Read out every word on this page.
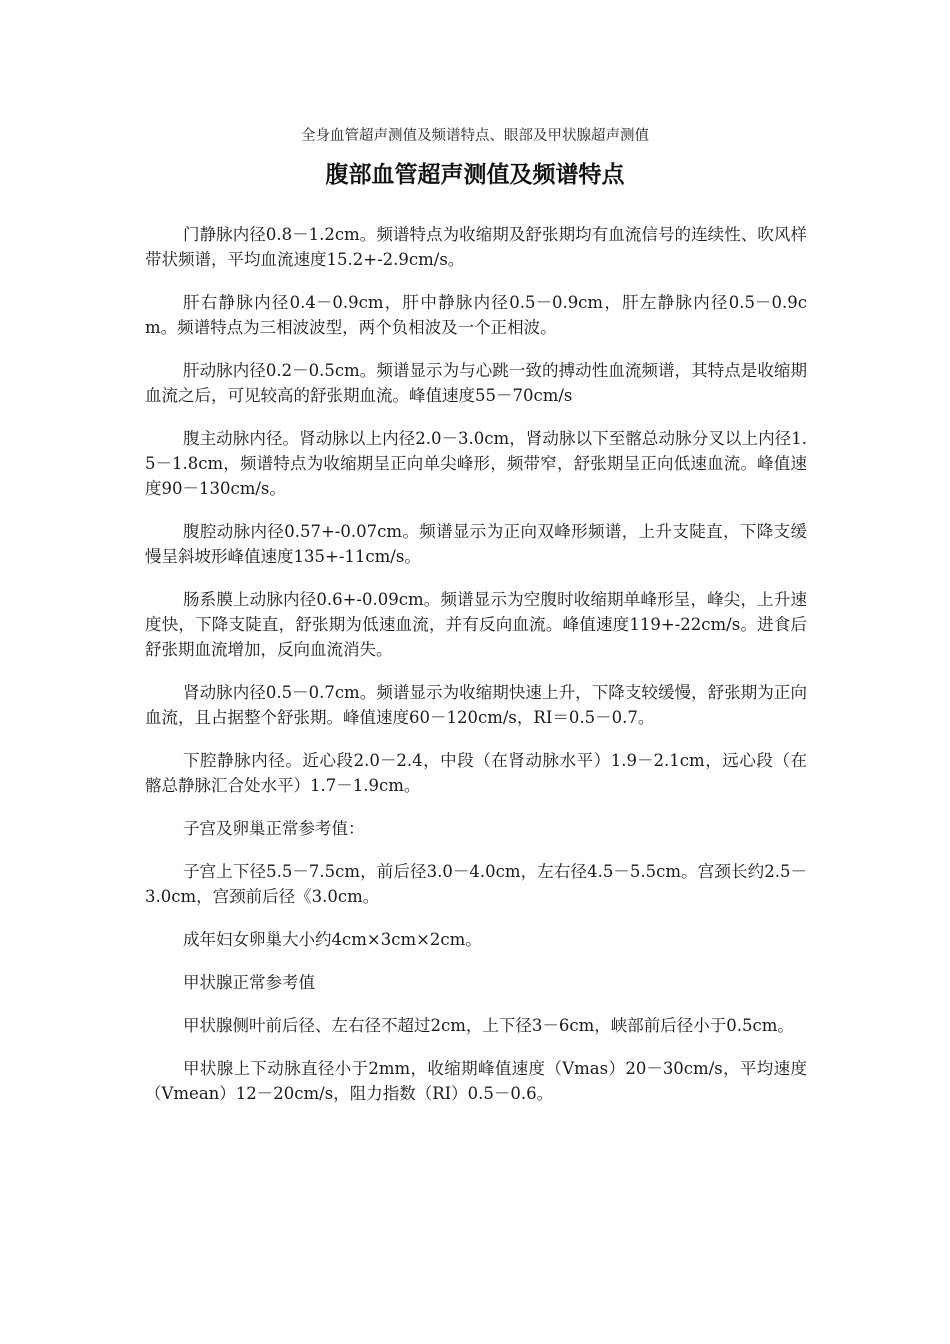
全身血管超声测值及频谱特点、眼部及甲状腺超声测值
腹部血管超声测值及频谱特点

门静脉内径0.8－1.2cm。频谱特点为收缩期及舒张期均有血流信号的连续性、吹风样带状频谱，平均血流速度15.2+-2.9cm/s。

肝右静脉内径0.4－0.9cm，肝中静脉内径0.5－0.9cm，肝左静脉内径0.5－0.9cm。频谱特点为三相波波型，两个负相波及一个正相波。

肝动脉内径0.2－0.5cm。频谱显示为与心跳一致的搏动性血流频谱，其特点是收缩期血流之后，可见较高的舒张期血流。峰值速度55－70cm/s

腹主动脉内径。肾动脉以上内径2.0－3.0cm，肾动脉以下至髂总动脉分叉以上内径1.5－1.8cm，频谱特点为收缩期呈正向单尖峰形，频带窄，舒张期呈正向低速血流。峰值速度90－130cm/s。

腹腔动脉内径0.57+-0.07cm。频谱显示为正向双峰形频谱，上升支陡直，下降支缓慢呈斜坡形峰值速度135+-11cm/s。

肠系膜上动脉内径0.6+-0.09cm。频谱显示为空腹时收缩期单峰形呈，峰尖，上升速度快，下降支陡直，舒张期为低速血流，并有反向血流。峰值速度119+-22cm/s。进食后舒张期血流增加，反向血流消失。

肾动脉内径0.5－0.7cm。频谱显示为收缩期快速上升，下降支较缓慢，舒张期为正向血流，且占据整个舒张期。峰值速度60－120cm/s，RI＝0.5－0.7。

下腔静脉内径。近心段2.0－2.4，中段（在肾动脉水平）1.9－2.1cm，远心段（在髂总静脉汇合处水平）1.7－1.9cm。

子宫及卵巢正常参考值：

子宫上下径5.5－7.5cm，前后径3.0－4.0cm，左右径4.5－5.5cm。宫颈长约2.5－3.0cm，宫颈前后径《3.0cm。

成年妇女卵巢大小约4cm×3cm×2cm。

甲状腺正常参考值

甲状腺侧叶前后径、左右径不超过2cm，上下径3－6cm，峡部前后径小于0.5cm。

甲状腺上下动脉直径小于2mm，收缩期峰值速度（Vmas）20－30cm/s，平均速度（Vmean）12－20cm/s，阻力指数（RI）0.5－0.6。
